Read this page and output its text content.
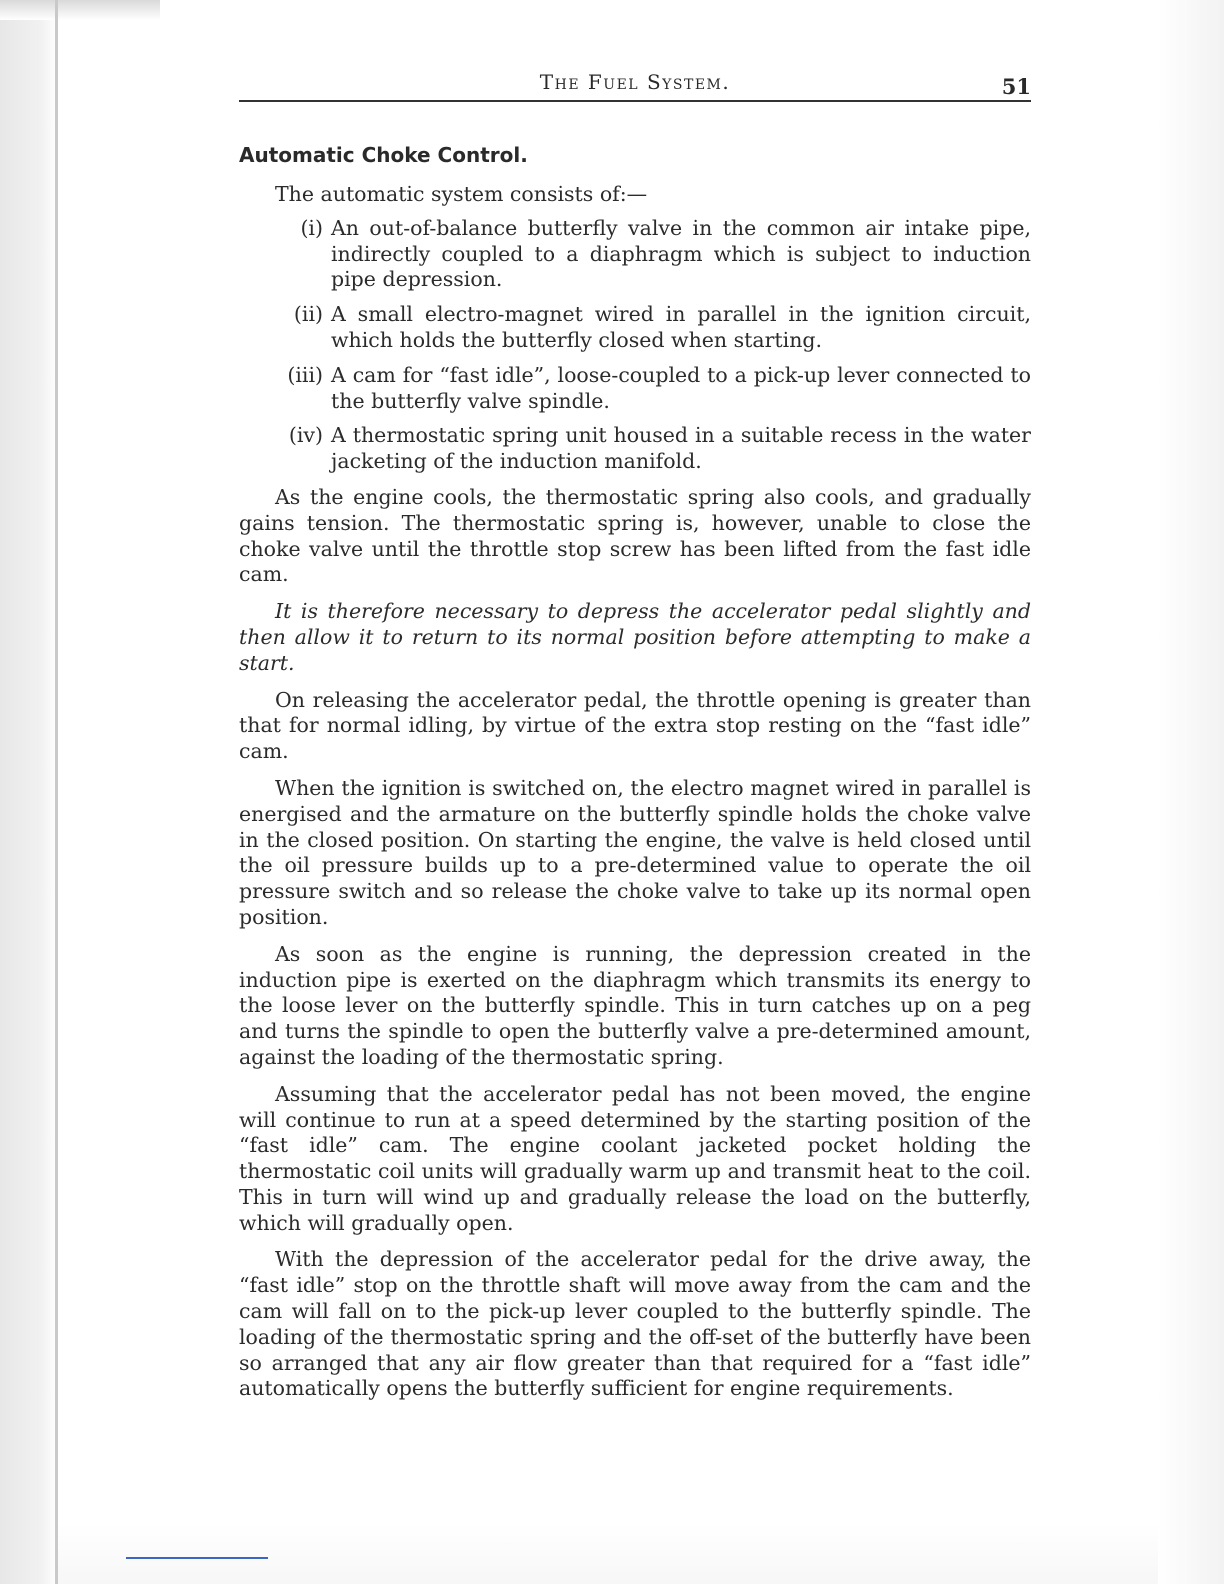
The Fuel System.	51
Automatic Choke Control.

The automatic system consists of:—

(i) An out-of-balance butterfly valve in the common air intake pipe, indirectly coupled to a diaphragm which is subject to induction pipe depression.

(ii) A small electro-magnet wired in parallel in the ignition circuit, which holds the butterfly closed when starting.

(iii) A cam for “fast idle”, loose-coupled to a pick-up lever connected to the butterfly valve spindle.

(iv) A thermostatic spring unit housed in a suitable recess in the water jacketing of the induction manifold.

As the engine cools, the thermostatic spring also cools, and gradually gains tension. The thermostatic spring is, however, unable to close the choke valve until the throttle stop screw has been lifted from the fast idle cam.

It is therefore necessary to depress the accelerator pedal slightly and then allow it to return to its normal position before attempting to make a start.

On releasing the accelerator pedal, the throttle opening is greater than that for normal idling, by virtue of the extra stop resting on the “fast idle” cam.

When the ignition is switched on, the electro magnet wired in parallel is energised and the armature on the butterfly spindle holds the choke valve in the closed position. On starting the engine, the valve is held closed until the oil pressure builds up to a pre-determined value to operate the oil pressure switch and so release the choke valve to take up its normal open position.

As soon as the engine is running, the depression created in the induction pipe is exerted on the diaphragm which transmits its energy to the loose lever on the butterfly spindle. This in turn catches up on a peg and turns the spindle to open the butterfly valve a pre-determined amount, against the loading of the thermostatic spring.

Assuming that the accelerator pedal has not been moved, the engine will continue to run at a speed determined by the starting position of the “fast idle” cam. The engine coolant jacketed pocket holding the thermostatic coil units will gradually warm up and transmit heat to the coil. This in turn will wind up and gradually release the load on the butterfly, which will gradually open.

With the depression of the accelerator pedal for the drive away, the “fast idle” stop on the throttle shaft will move away from the cam and the cam will fall on to the pick-up lever coupled to the butterfly spindle. The loading of the thermostatic spring and the off-set of the butterfly have been so arranged that any air flow greater than that required for a “fast idle” automatically opens the butterfly sufficient for engine requirements.
